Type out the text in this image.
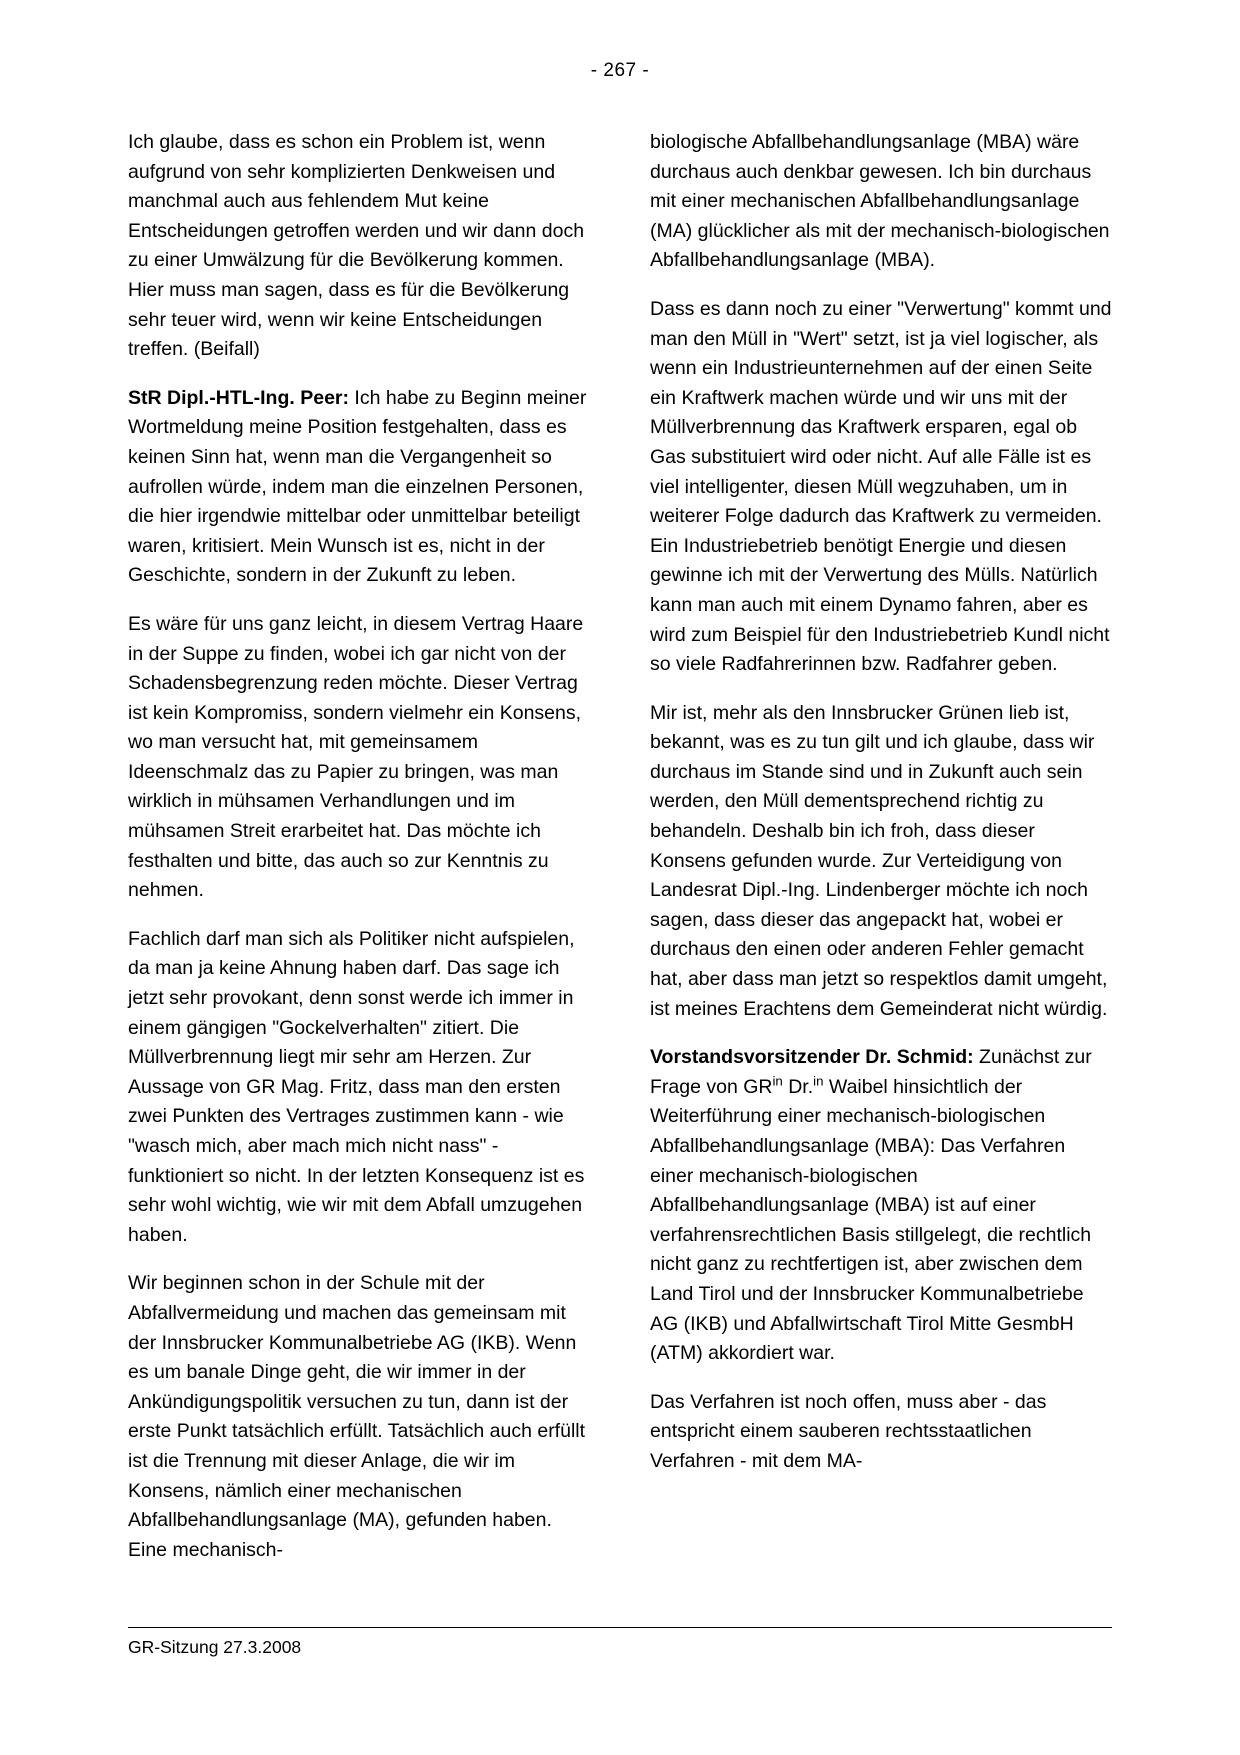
- 267 -

Ich glaube, dass es schon ein Problem ist, wenn aufgrund von sehr komplizierten Denkweisen und manchmal auch aus fehlendem Mut keine Entscheidungen getroffen werden und wir dann doch zu einer Umwälzung für die Bevölkerung kommen. Hier muss man sagen, dass es für die Bevölkerung sehr teuer wird, wenn wir keine Entscheidungen treffen. (Beifall)

StR Dipl.-HTL-Ing. Peer: Ich habe zu Beginn meiner Wortmeldung meine Position festgehalten, dass es keinen Sinn hat, wenn man die Vergangenheit so aufrollen würde, indem man die einzelnen Personen, die hier irgendwie mittelbar oder unmittelbar beteiligt waren, kritisiert. Mein Wunsch ist es, nicht in der Geschichte, sondern in der Zukunft zu leben.

Es wäre für uns ganz leicht, in diesem Vertrag Haare in der Suppe zu finden, wobei ich gar nicht von der Schadensbegrenzung reden möchte. Dieser Vertrag ist kein Kompromiss, sondern vielmehr ein Konsens, wo man versucht hat, mit gemeinsamem Ideenschmalz das zu Papier zu bringen, was man wirklich in mühsamen Verhandlungen und im mühsamen Streit erarbeitet hat. Das möchte ich festhalten und bitte, das auch so zur Kenntnis zu nehmen.

Fachlich darf man sich als Politiker nicht aufspielen, da man ja keine Ahnung haben darf. Das sage ich jetzt sehr provokant, denn sonst werde ich immer in einem gängigen "Gockelverhalten" zitiert. Die Müllverbrennung liegt mir sehr am Herzen. Zur Aussage von GR Mag. Fritz, dass man den ersten zwei Punkten des Vertrages zustimmen kann - wie "wasch mich, aber mach mich nicht nass" - funktioniert so nicht. In der letzten Konsequenz ist es sehr wohl wichtig, wie wir mit dem Abfall umzugehen haben.

Wir beginnen schon in der Schule mit der Abfallvermeidung und machen das gemeinsam mit der Innsbrucker Kommunalbetriebe AG (IKB). Wenn es um banale Dinge geht, die wir immer in der Ankündigungspolitik versuchen zu tun, dann ist der erste Punkt tatsächlich erfüllt. Tatsächlich auch erfüllt ist die Trennung mit dieser Anlage, die wir im Konsens, nämlich einer mechanischen Abfallbehandlungsanlage (MA), gefunden haben. Eine mechanisch-

biologische Abfallbehandlungsanlage (MBA) wäre durchaus auch denkbar gewesen. Ich bin durchaus mit einer mechanischen Abfallbehandlungsanlage (MA) glücklicher als mit der mechanisch-biologischen Abfallbehandlungsanlage (MBA).

Dass es dann noch zu einer "Verwertung" kommt und man den Müll in "Wert" setzt, ist ja viel logischer, als wenn ein Industrieunternehmen auf der einen Seite ein Kraftwerk machen würde und wir uns mit der Müllverbrennung das Kraftwerk ersparen, egal ob Gas substituiert wird oder nicht. Auf alle Fälle ist es viel intelligenter, diesen Müll wegzuhaben, um in weiterer Folge dadurch das Kraftwerk zu vermeiden. Ein Industriebetrieb benötigt Energie und diesen gewinne ich mit der Verwertung des Mülls. Natürlich kann man auch mit einem Dynamo fahren, aber es wird zum Beispiel für den Industriebetrieb Kundl nicht so viele Radfahrerinnen bzw. Radfahrer geben.

Mir ist, mehr als den Innsbrucker Grünen lieb ist, bekannt, was es zu tun gilt und ich glaube, dass wir durchaus im Stande sind und in Zukunft auch sein werden, den Müll dementsprechend richtig zu behandeln. Deshalb bin ich froh, dass dieser Konsens gefunden wurde. Zur Verteidigung von Landesrat Dipl.-Ing. Lindenberger möchte ich noch sagen, dass dieser das angepackt hat, wobei er durchaus den einen oder anderen Fehler gemacht hat, aber dass man jetzt so respektlos damit umgeht, ist meines Erachtens dem Gemeinderat nicht würdig.

Vorstandsvorsitzender Dr. Schmid: Zunächst zur Frage von $GR^{in}$ Dr.$^{in}$ Waibel hinsichtlich der Weiterführung einer mechanisch-biologischen Abfallbehandlungsanlage (MBA): Das Verfahren einer mechanisch-biologischen Abfallbehandlungsanlage (MBA) ist auf einer verfahrensrechtlichen Basis stillgelegt, die rechtlich nicht ganz zu rechtfertigen ist, aber zwischen dem Land Tirol und der Innsbrucker Kommunalbetriebe AG (IKB) und Abfallwirtschaft Tirol Mitte GesmbH (ATM) akkordiert war.

Das Verfahren ist noch offen, muss aber - das entspricht einem sauberen rechtsstaatlichen Verfahren - mit dem MA-

GR-Sitzung 27.3.2008
